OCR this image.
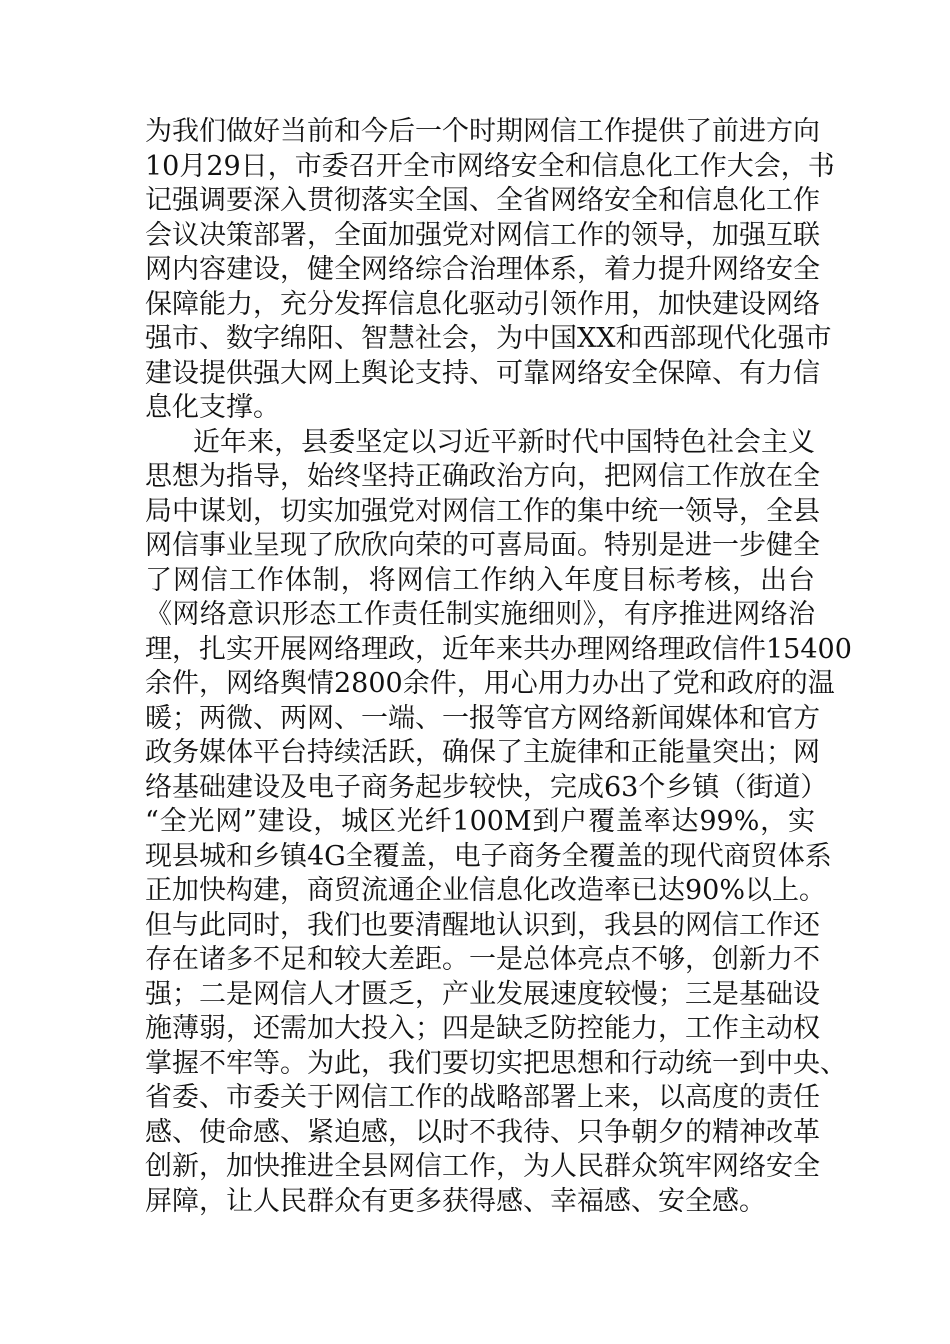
为我们做好当前和今后一个时期网信工作提供了前进方向
10月29日，市委召开全市网络安全和信息化工作大会，书
记强调要深入贯彻落实全国、全省网络安全和信息化工作
会议决策部署，全面加强党对网信工作的领导，加强互联
网内容建设，健全网络综合治理体系，着力提升网络安全
保障能力，充分发挥信息化驱动引领作用，加快建设网络
强市、数字绵阳、智慧社会，为中国XX和西部现代化强市
建设提供强大网上舆论支持、可靠网络安全保障、有力信
息化支撑。
近年来，县委坚定以习近平新时代中国特色社会主义
思想为指导，始终坚持正确政治方向，把网信工作放在全
局中谋划，切实加强党对网信工作的集中统一领导，全县
网信事业呈现了欣欣向荣的可喜局面。特别是进一步健全
了网信工作体制，将网信工作纳入年度目标考核，出台
《网络意识形态工作责任制实施细则》，有序推进网络治
理，扎实开展网络理政，近年来共办理网络理政信件15400
余件，网络舆情2800余件，用心用力办出了党和政府的温
暖；两微、两网、一端、一报等官方网络新闻媒体和官方
政务媒体平台持续活跃，确保了主旋律和正能量突出；网
络基础建设及电子商务起步较快，完成63个乡镇（街道）
“全光网”建设，城区光纤100M到户覆盖率达99%，实
现县城和乡镇4G全覆盖，电子商务全覆盖的现代商贸体系
正加快构建，商贸流通企业信息化改造率已达90%以上。
但与此同时，我们也要清醒地认识到，我县的网信工作还
存在诸多不足和较大差距。一是总体亮点不够，创新力不
强；二是网信人才匮乏，产业发展速度较慢；三是基础设
施薄弱，还需加大投入；四是缺乏防控能力，工作主动权
掌握不牢等。为此，我们要切实把思想和行动统一到中央、
省委、市委关于网信工作的战略部署上来，以高度的责任
感、使命感、紧迫感，以时不我待、只争朝夕的精神改革
创新，加快推进全县网信工作，为人民群众筑牢网络安全
屏障，让人民群众有更多获得感、幸福感、安全感。
